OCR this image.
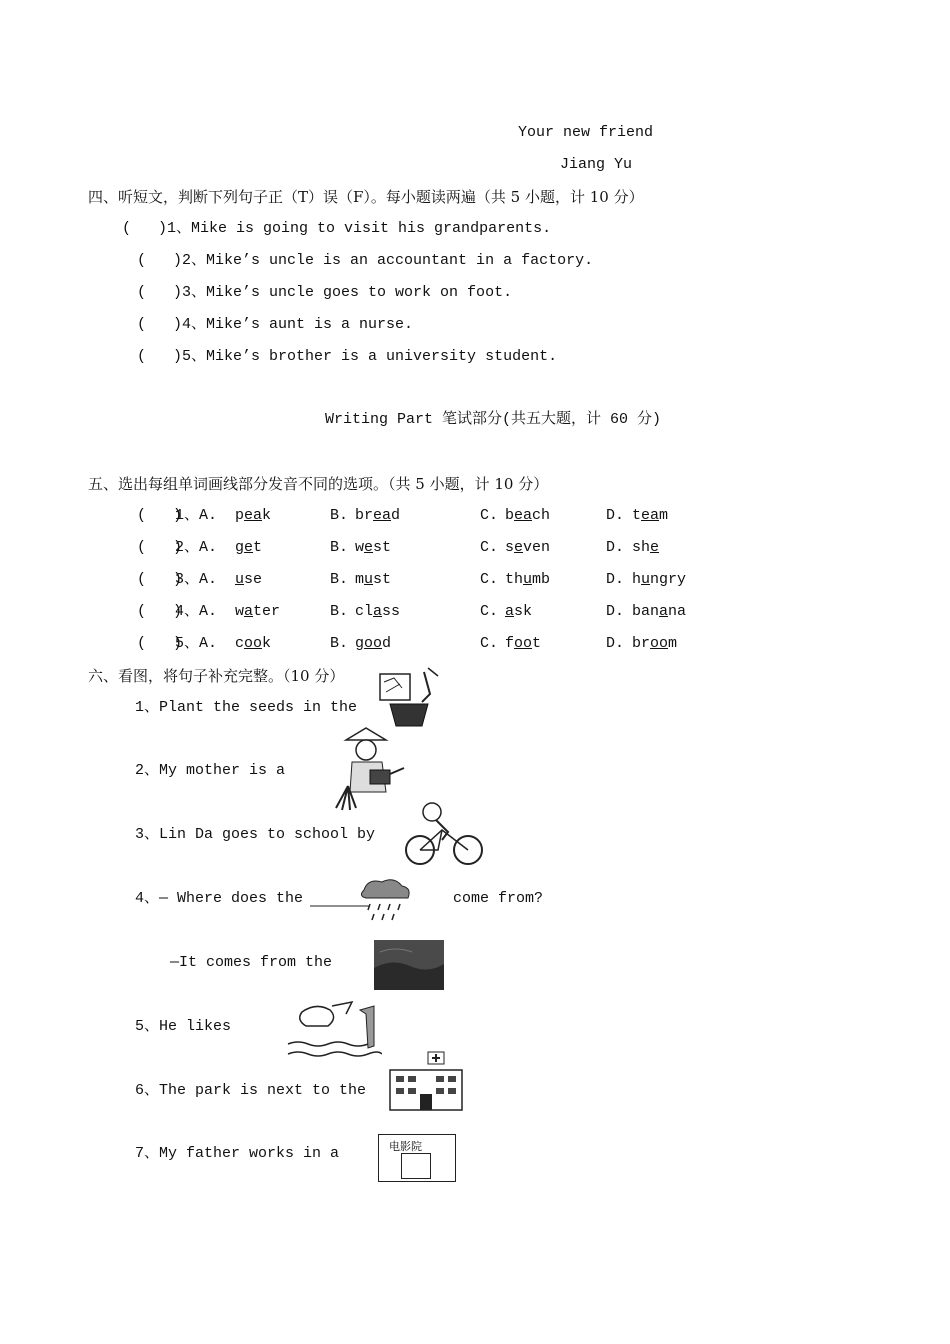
Your new friend
Jiang Yu
四、听短文，判断下列句子正（T）误（F）。每小题读两遍（共 5 小题，计 10 分）
(   )1、Mike is going to visit his grandparents.
(   )2、Mike’s uncle is an accountant in a factory.
(   )3、Mike’s uncle goes to work on foot.
(   )4、Mike’s aunt is a nurse.
(   )5、Mike’s brother is a university student.
Writing Part 笔试部分(共五大题，计 60 分)
五、选出每组单词画线部分发音不同的选项。（共 5 小题，计 10 分）
(   )
1、A. peak	B. bread	C. beach	D. team
(   )
2、A. get	B. west	C. seven	D. she
(   )
3、A. use	B. must	C. thumb	D. hungry
(   )
4、A. water	B. class	C. ask	D. banana
(   )
5、A. cook	B. good	C. foot	D. broom
六、看图，将句子补充完整。（10 分）
1、Plant the seeds in the
2、My mother is a
3、Lin Da goes to school by
4、— Where does the	come from?
—It comes from the
5、He likes
6、The park is next to the
7、My father works in a	电影院
